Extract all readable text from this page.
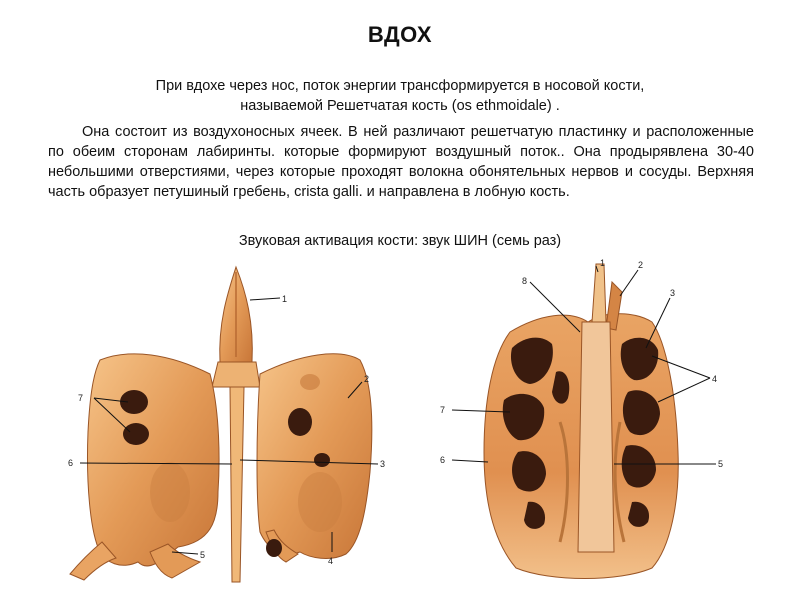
ВДОХ
При вдохе через нос, поток энергии трансформируется в носовой кости,
называемой Решетчатая кость (os ethmoidale) .
Она состоит из воздухоносных ячеек. В ней различают решетчатую пластинку и расположенные по обеим сторонам лабиринты. которые формируют воздушный поток.. Она продырявлена 30-40 небольшими отверстиями, через которые проходят волокна обонятельных нервов и сосуды. Верхняя часть образует петушиный гребень, crista galli. и направлена в лобную кость.
Звуковая активация кости: звук ШИН (семь раз)
1
2
7
6	3
5
4
1	2
8
3
4
7
6	5
